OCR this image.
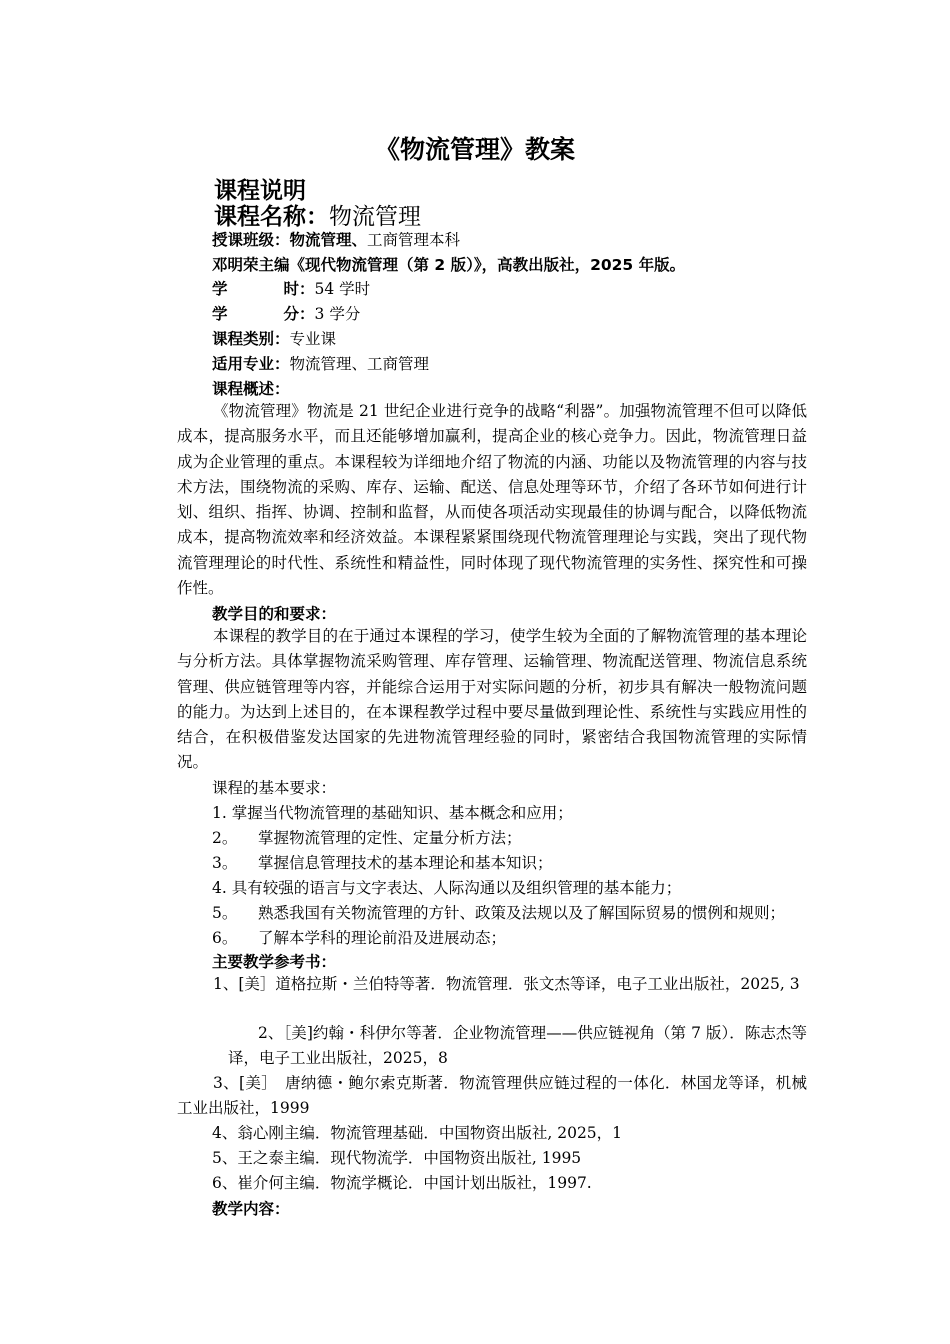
《物流管理》教案
课程说明
课程名称：物流管理
授课班级：物流管理、工商管理本科
邓明荣主编《现代物流管理（第 2 版）》，高教出版社，2025 年版。
学	时：54 学时
学	分：3 学分
课程类别：专业课
适用专业：物流管理、工商管理
课程概述：
《物流管理》物流是 21 世纪企业进行竞争的战略“利器”。加强物流管理不但可以降低成本，提高服务水平，而且还能够增加赢利，提高企业的核心竞争力。因此，物流管理日益成为企业管理的重点。本课程较为详细地介绍了物流的内涵、功能以及物流管理的内容与技术方法，围绕物流的采购、库存、运输、配送、信息处理等环节，介绍了各环节如何进行计划、组织、指挥、协调、控制和监督，从而使各项活动实现最佳的协调与配合，以降低物流成本，提高物流效率和经济效益。本课程紧紧围绕现代物流管理理论与实践，突出了现代物流管理理论的时代性、系统性和精益性，同时体现了现代物流管理的实务性、探究性和可操作性。
教学目的和要求：
本课程的教学目的在于通过本课程的学习，使学生较为全面的了解物流管理的基本理论与分析方法。具体掌握物流采购管理、库存管理、运输管理、物流配送管理、物流信息系统管理、供应链管理等内容，并能综合运用于对实际问题的分析，初步具有解决一般物流问题的能力。为达到上述目的，在本课程教学过程中要尽量做到理论性、系统性与实践应用性的结合，在积极借鉴发达国家的先进物流管理经验的同时，紧密结合我国物流管理的实际情况。
课程的基本要求：
1. 掌握当代物流管理的基础知识、基本概念和应用；
2。 掌握物流管理的定性、定量分析方法；
3。 掌握信息管理技术的基本理论和基本知识；
4. 具有较强的语言与文字表达、人际沟通以及组织管理的基本能力；
5。 熟悉我国有关物流管理的方针、政策及法规以及了解国际贸易的惯例和规则；
6。 了解本学科的理论前沿及进展动态；
主要教学参考书：
1、[美］道格拉斯・兰伯特等著．物流管理．张文杰等译，电子工业出版社，2025, 3
2、［美]约翰・科伊尔等著．企业物流管理——供应链视角（第 7 版）．陈志杰等译，电子工业出版社，2025，8
3、[美］　唐纳德・鲍尔索克斯著．物流管理供应链过程的一体化．林国龙等译，机械工业出版社，1999
4、翁心刚主编．物流管理基础．中国物资出版社, 2025，1
5、王之泰主编．现代物流学．中国物资出版社, 1995
6、崔介何主编．物流学概论．中国计划出版社，1997.
教学内容：
